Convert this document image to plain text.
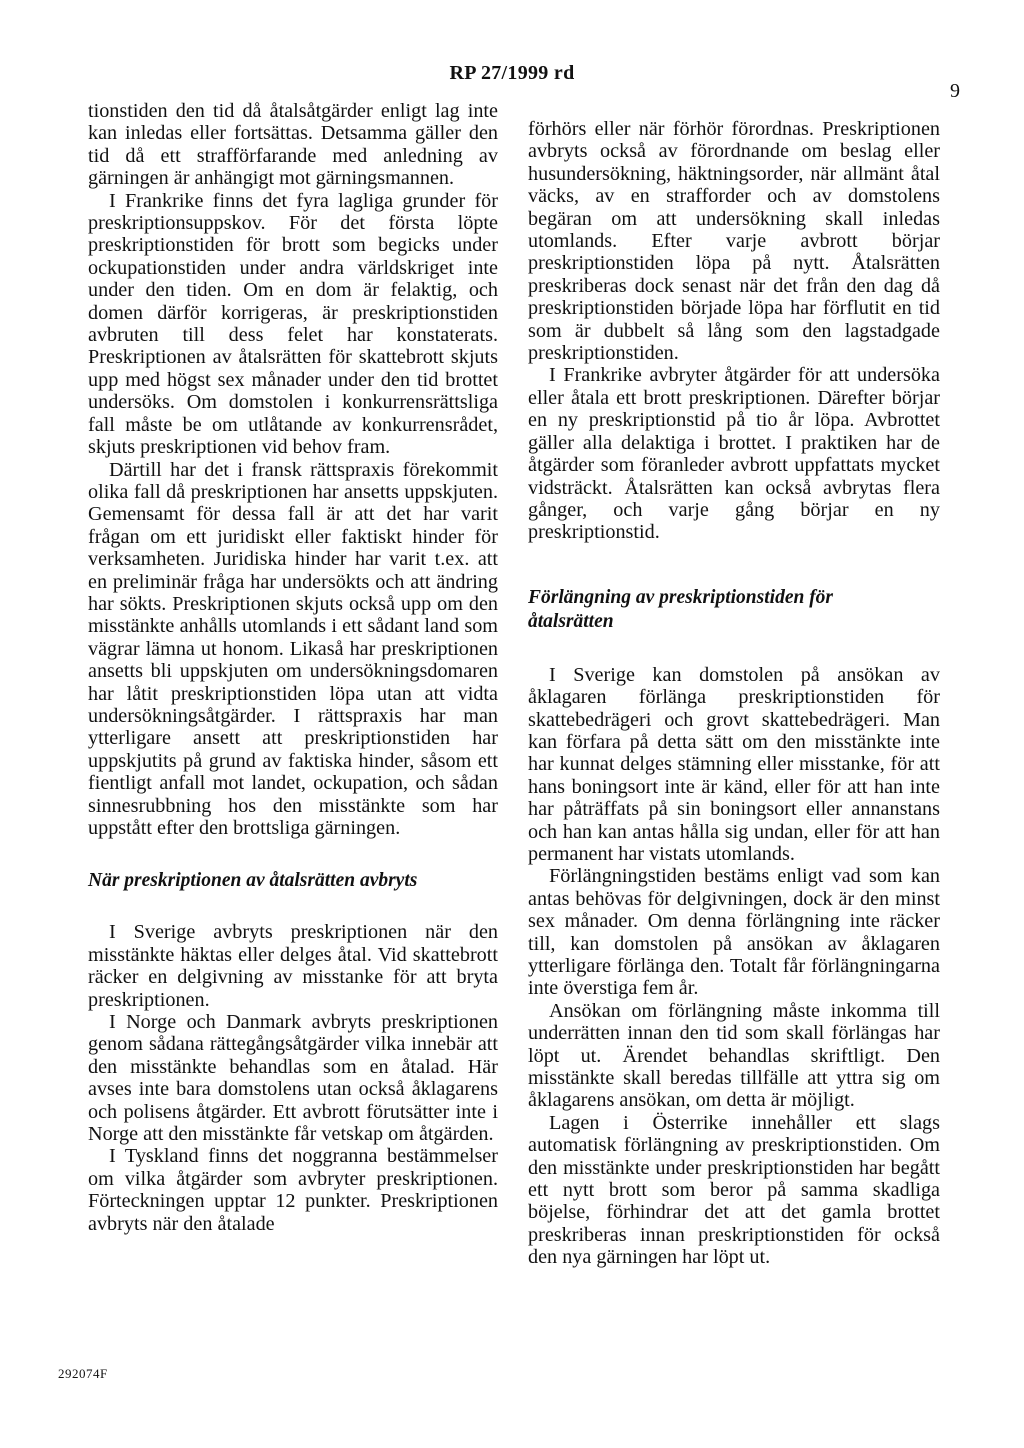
RP 27/1999 rd
9

tionstiden den tid då åtalsåtgärder enligt lag inte kan inledas eller fortsättas. Detsamma gäller den tid då ett strafförfarande med anledning av gärningen är anhängigt mot gärningsmannen.

I Frankrike finns det fyra lagliga grunder för preskriptionsuppskov. För det första löpte preskriptionstiden för brott som begicks under ockupationstiden under andra världskriget inte under den tiden. Om en dom är felaktig, och domen därför korrigeras, är preskriptionstiden avbruten till dess felet har konstaterats. Preskriptionen av åtalsrätten för skattebrott skjuts upp med högst sex månader under den tid brottet undersöks. Om domstolen i konkurrensrättsliga fall måste be om utlåtande av konkurrensrådet, skjuts preskriptionen vid behov fram.

Därtill har det i fransk rättspraxis förekommit olika fall då preskriptionen har ansetts uppskjuten. Gemensamt för dessa fall är att det har varit frågan om ett juridiskt eller faktiskt hinder för verksamheten. Juridiska hinder har varit t.ex. att en preliminär fråga har undersökts och att ändring har sökts. Preskriptionen skjuts också upp om den misstänkte anhålls utomlands i ett sådant land som vägrar lämna ut honom. Likaså har preskriptionen ansetts bli uppskjuten om undersökningsdomaren har låtit preskriptionstiden löpa utan att vidta undersökningsåtgärder. I rättspraxis har man ytterligare ansett att preskriptionstiden har uppskjutits på grund av faktiska hinder, såsom ett fientligt anfall mot landet, ockupation, och sådan sinnesrubbning hos den misstänkte som har uppstått efter den brottsliga gärningen.

När preskriptionen av åtalsrätten avbryts

I Sverige avbryts preskriptionen när den misstänkte häktas eller delges åtal. Vid skattebrott räcker en delgivning av misstanke för att bryta preskriptionen.

I Norge och Danmark avbryts preskriptionen genom sådana rättegångsåtgärder vilka innebär att den misstänkte behandlas som en åtalad. Här avses inte bara domstolens utan också åklagarens och polisens åtgärder. Ett avbrott förutsätter inte i Norge att den misstänkte får vetskap om åtgärden.

I Tyskland finns det noggranna bestämmelser om vilka åtgärder som avbryter preskriptionen. Förteckningen upptar 12 punkter. Preskriptionen avbryts när den åtalade

förhörs eller när förhör förordnas. Preskriptionen avbryts också av förordnande om beslag eller husundersökning, häktningsorder, när allmänt åtal väcks, av en strafforder och av domstolens begäran om att undersökning skall inledas utomlands. Efter varje avbrott börjar preskriptionstiden löpa på nytt. Åtalsrätten preskriberas dock senast när det från den dag då preskriptionstiden började löpa har förflutit en tid som är dubbelt så lång som den lagstadgade preskriptionstiden.

I Frankrike avbryter åtgärder för att undersöka eller åtala ett brott preskriptionen. Därefter börjar en ny preskriptionstid på tio år löpa. Avbrottet gäller alla delaktiga i brottet. I praktiken har de åtgärder som föranleder avbrott uppfattats mycket vidsträckt. Åtalsrätten kan också avbrytas flera gånger, och varje gång börjar en ny preskriptionstid.

Förlängning av preskriptionstiden för åtalsrätten

I Sverige kan domstolen på ansökan av åklagaren förlänga preskriptionstiden för skattebedrägeri och grovt skattebedrägeri. Man kan förfara på detta sätt om den misstänkte inte har kunnat delges stämning eller misstanke, för att hans boningsort inte är känd, eller för att han inte har påträffats på sin boningsort eller annanstans och han kan antas hålla sig undan, eller för att han permanent har vistats utomlands.

Förlängningstiden bestäms enligt vad som kan antas behövas för delgivningen, dock är den minst sex månader. Om denna förlängning inte räcker till, kan domstolen på ansökan av åklagaren ytterligare förlänga den. Totalt får förlängningarna inte överstiga fem år.

Ansökan om förlängning måste inkomma till underrätten innan den tid som skall förlängas har löpt ut. Ärendet behandlas skriftligt. Den misstänkte skall beredas tillfälle att yttra sig om åklagarens ansökan, om detta är möjligt.

Lagen i Österrike innehåller ett slags automatisk förlängning av preskriptionstiden. Om den misstänkte under preskriptionstiden har begått ett nytt brott som beror på samma skadliga böjelse, förhindrar det att det gamla brottet preskriberas innan preskriptionstiden för också den nya gärningen har löpt ut.

292074F
